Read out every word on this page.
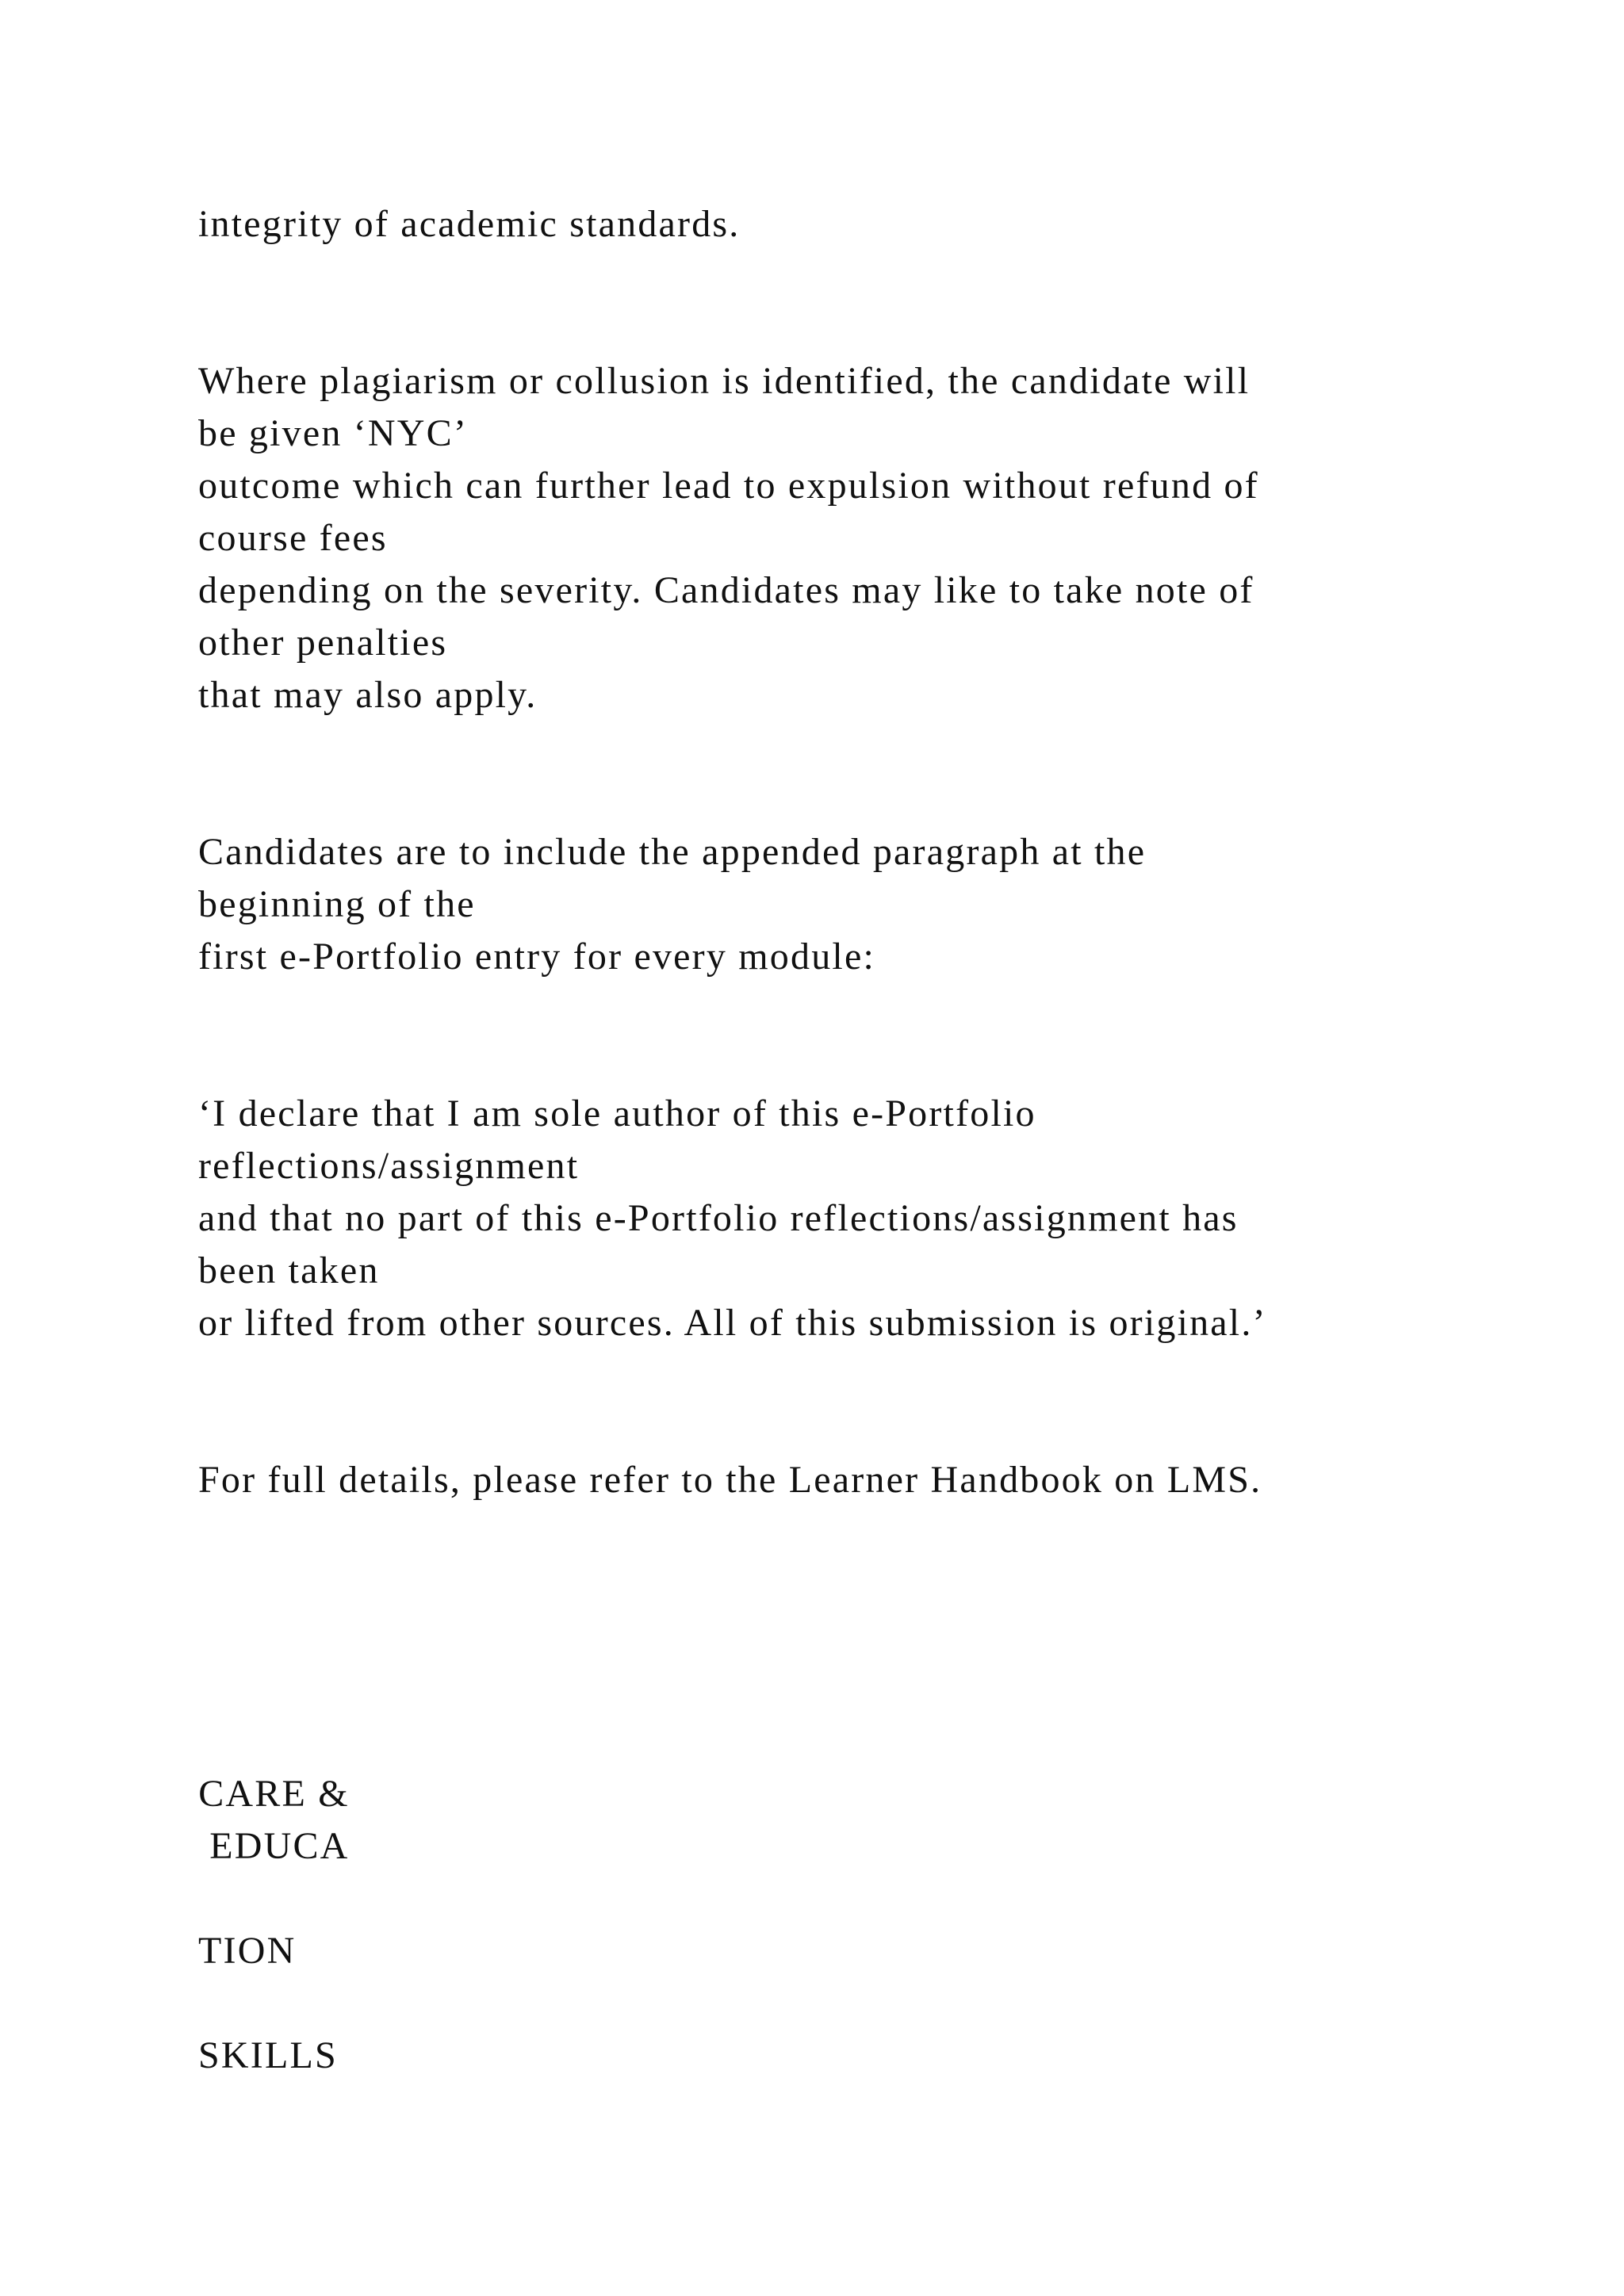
integrity of academic standards.

Where plagiarism or collusion is identified, the candidate will

be given ‘NYC’

outcome which can further lead to expulsion without refund of

course fees

depending on the severity. Candidates may like to take note of

other penalties

that may also apply.

Candidates are to include the appended paragraph at the

beginning of the

first e-Portfolio entry for every module:

‘I declare that I am sole author of this e-Portfolio

reflections/assignment

and that no part of this e-Portfolio reflections/assignment has

been taken

or lifted from other sources. All of this submission is original.’

For full details, please refer to the Learner Handbook on LMS.

CARE &

EDUCA

TION

SKILLS
